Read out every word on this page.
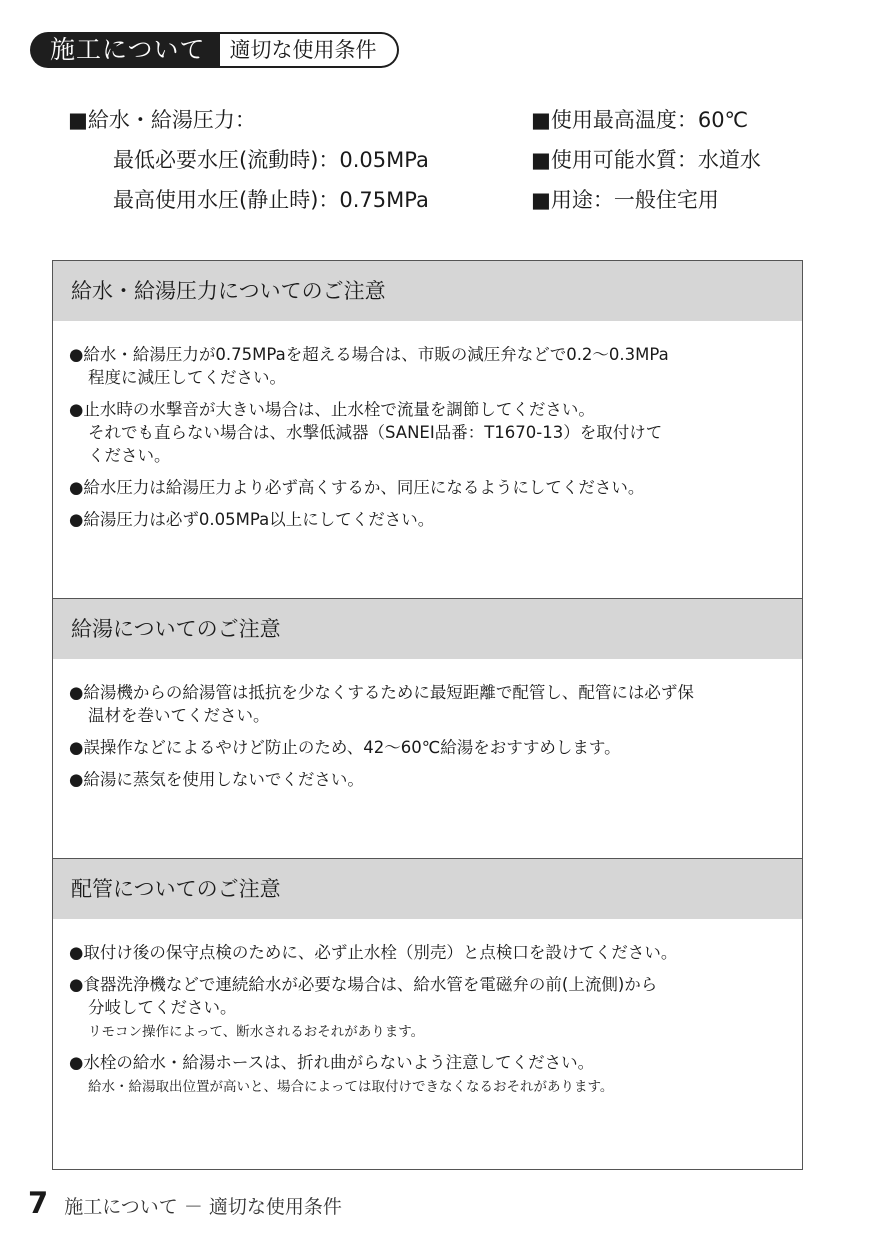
施工について	適切な使用条件
■給水・給湯圧力：
最低必要水圧(流動時)：0.05MPa
最高使用水圧(静止時)：0.75MPa
■使用最高温度：60℃
■使用可能水質：水道水
■用途：一般住宅用
給水・給湯圧力についてのご注意
●給水・給湯圧力が0.75MPaを超える場合は、市販の減圧弁などで0.2～0.3MPa
程度に減圧してください。
●止水時の水撃音が大きい場合は、止水栓で流量を調節してください。
それでも直らない場合は、水撃低減器（SANEI品番：T1670-13）を取付けて
ください。
●給水圧力は給湯圧力より必ず高くするか、同圧になるようにしてください。
●給湯圧力は必ず0.05MPa以上にしてください。
給湯についてのご注意
●給湯機からの給湯管は抵抗を少なくするために最短距離で配管し、配管には必ず保
温材を巻いてください。
●誤操作などによるやけど防止のため、42～60℃給湯をおすすめします。
●給湯に蒸気を使用しないでください。
配管についてのご注意
●取付け後の保守点検のために、必ず止水栓（別売）と点検口を設けてください。
●食器洗浄機などで連続給水が必要な場合は、給水管を電磁弁の前(上流側)から
分岐してください。
リモコン操作によって、断水されるおそれがあります。
●水栓の給水・給湯ホースは、折れ曲がらないよう注意してください。
給水・給湯取出位置が高いと、場合によっては取付けできなくなるおそれがあります。
7 施工について － 適切な使用条件
